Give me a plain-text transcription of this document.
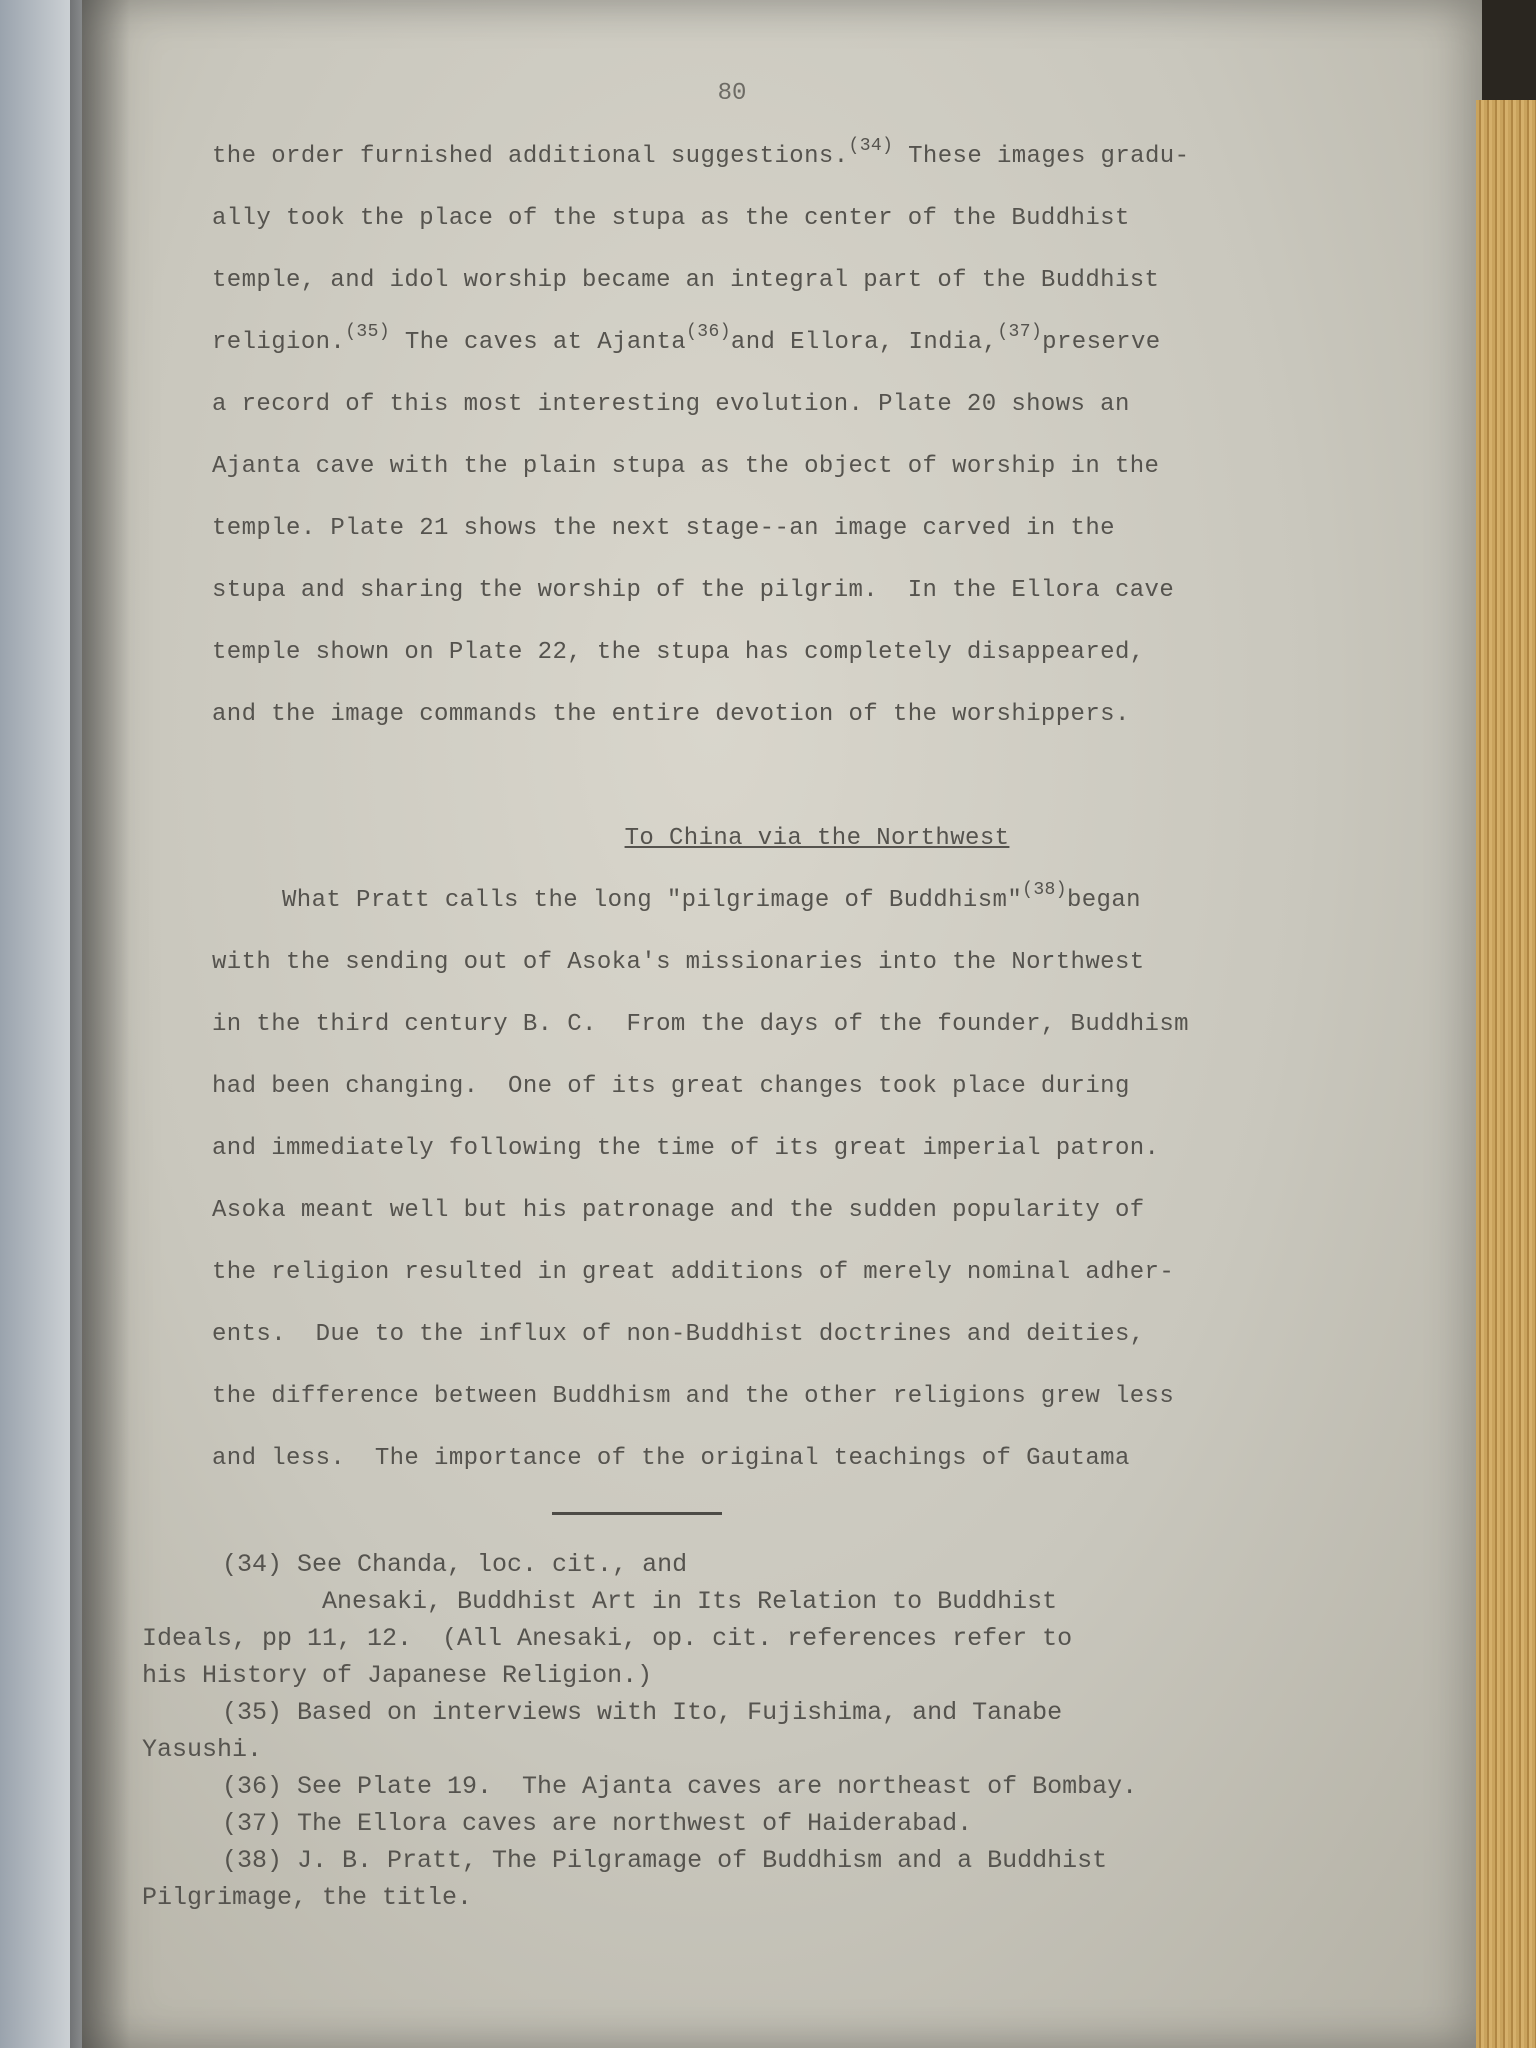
80
the order furnished additional suggestions.$^{(34)}$ These images gradu-
ally took the place of the stupa as the center of the Buddhist
temple, and idol worship became an integral part of the Buddhist
religion.$^{(35)}$ The caves at Ajanta$^{(36)}$and Ellora, India,$^{(37)}$preserve
a record of this most interesting evolution. Plate 20 shows an
Ajanta cave with the plain stupa as the object of worship in the
temple. Plate 21 shows the next stage--an image carved in the
stupa and sharing the worship of the pilgrim.  In the Ellora cave
temple shown on Plate 22, the stupa has completely disappeared,
and the image commands the entire devotion of the worshippers.

To China via the Northwest
What Pratt calls the long "pilgrimage of Buddhism"$^{(38)}$began
with the sending out of Asoka's missionaries into the Northwest
in the third century B. C.  From the days of the founder, Buddhism
had been changing.  One of its great changes took place during
and immediately following the time of its great imperial patron.
Asoka meant well but his patronage and the sudden popularity of
the religion resulted in great additions of merely nominal adher-
ents.  Due to the influx of non-Buddhist doctrines and deities,
the difference between Buddhism and the other religions grew less
and less.  The importance of the original teachings of Gautama
(34) See Chanda, loc. cit., and
Anesaki, Buddhist Art in Its Relation to Buddhist
Ideals, pp 11, 12.  (All Anesaki, op. cit. references refer to
his History of Japanese Religion.)
(35) Based on interviews with Ito, Fujishima, and Tanabe
Yasushi.
(36) See Plate 19.  The Ajanta caves are northeast of Bombay.
(37) The Ellora caves are northwest of Haiderabad.
(38) J. B. Pratt, The Pilgramage of Buddhism and a Buddhist
Pilgrimage, the title.
